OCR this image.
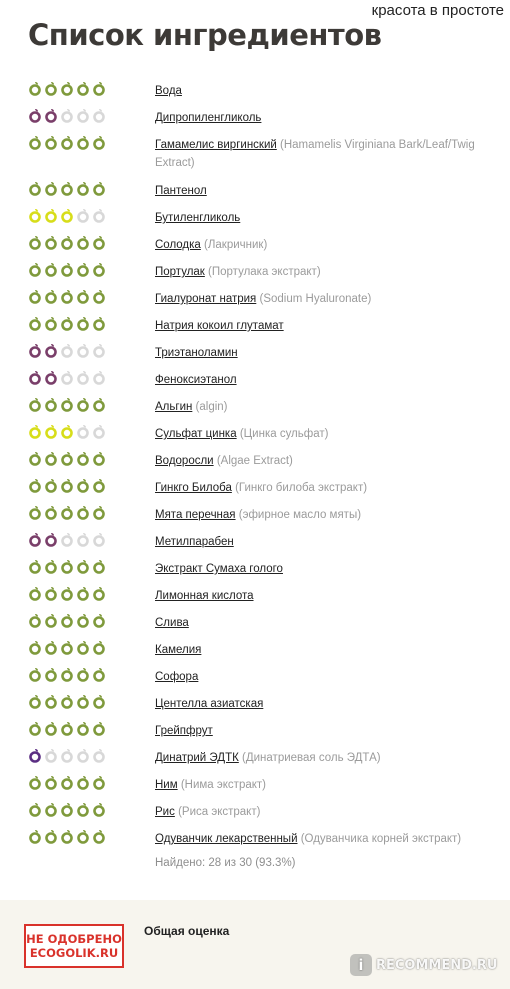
красота в простоте
Список ингредиентов
Вода
Дипропиленгликоль
Гамамелис виргинский (Hamamelis Virginiana Bark/Leaf/Twig Extract)
Пантенол
Бутиленгликоль
Солодка (Лакричник)
Портулак (Портулака экстракт)
Гиалуронат натрия (Sodium Hyaluronate)
Натрия кокоил глутамат
Триэтаноламин
Феноксиэтанол
Альгин (algin)
Сульфат цинка (Цинка сульфат)
Водоросли (Algae Extract)
Гинкго Билоба (Гинкго билоба экстракт)
Мята перечная (эфирное масло мяты)
Метилпарабен
Экстракт Сумаха голого
Лимонная кислота
Слива
Камелия
Софора
Центелла азиатская
Грейпфрут
Динатрий ЭДТК (Динатриевая соль ЭДТА)
Ним (Нима экстракт)
Рис (Риса экстракт)
Одуванчик лекарственный (Одуванчика корней экстракт)
Найдено: 28 из 30 (93.3%)
НЕ ОДОБРЕНО
ECOGOLIK.RU
Общая оценка
i RECOMMEND.RU
